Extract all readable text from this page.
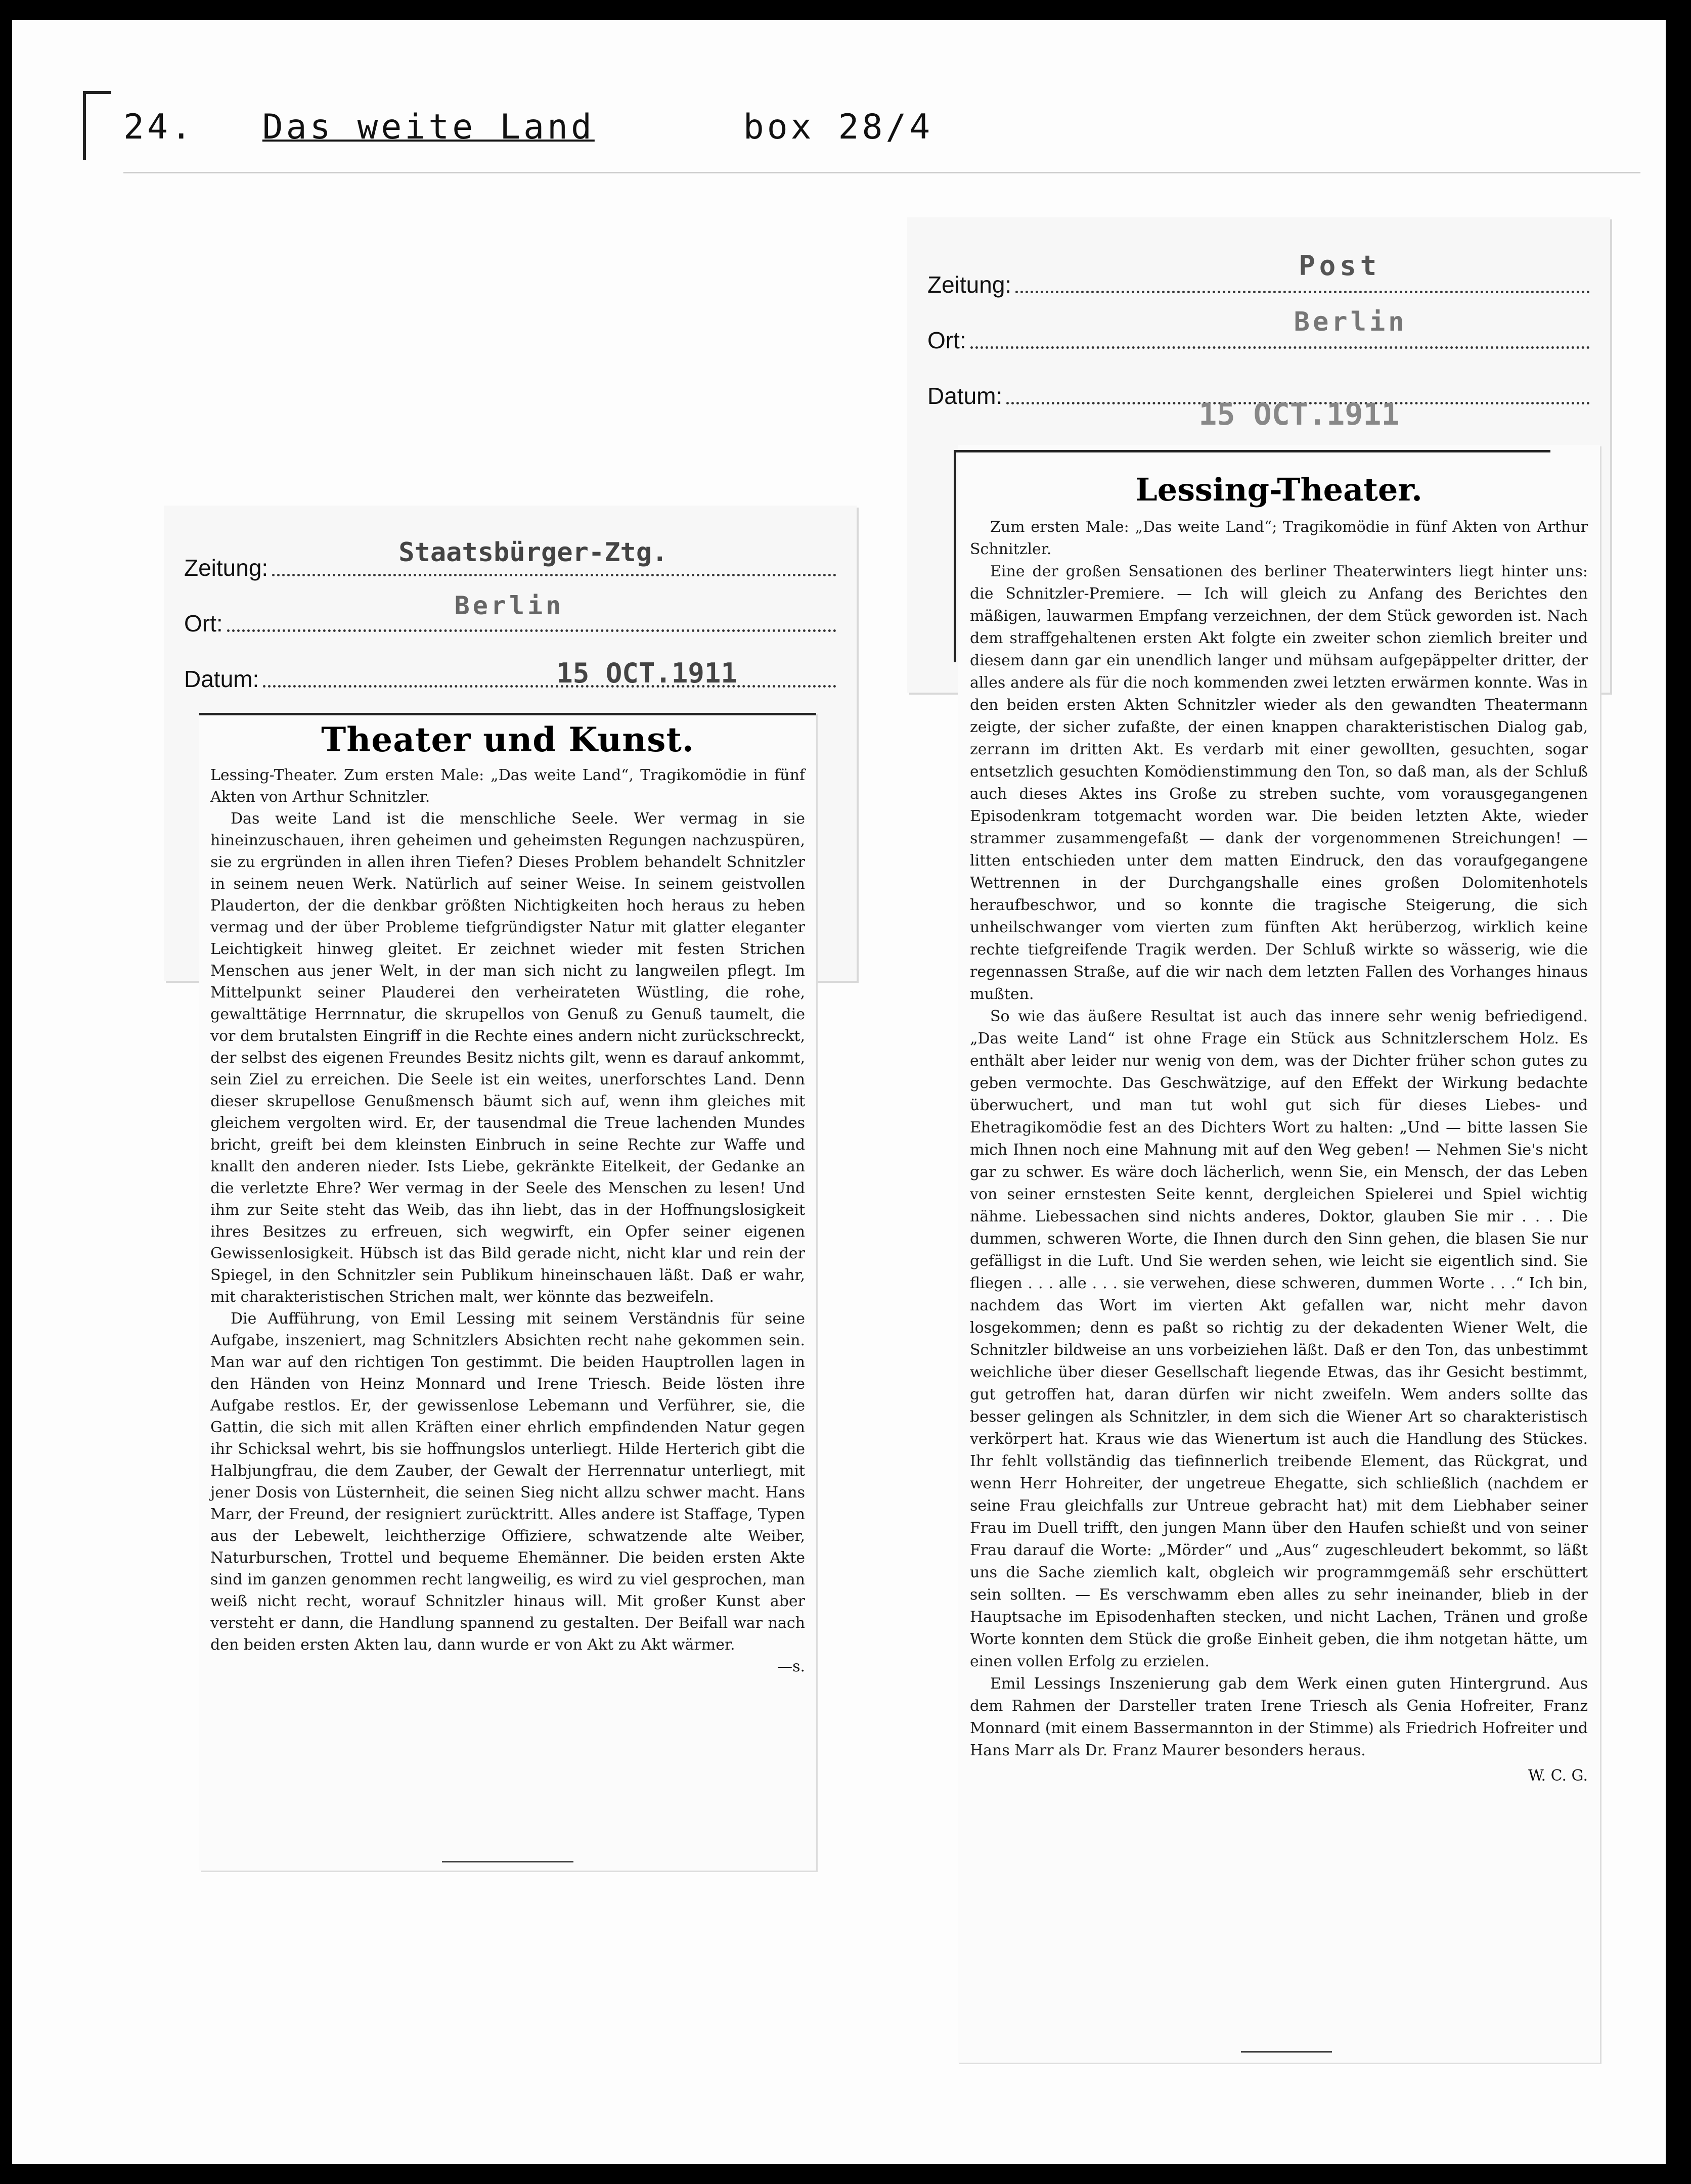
24. Das weite Land	box 28/4
Zeitung:
Post
Ort:
Berlin
Datum:
15 OCT.1911
Zeitung:	Staatsbürger-Ztg.
Ort:
Berlin
Datum:	15 OCT.1911
Theater und Kunst.

Lessing-Theater. Zum ersten Male: „Das weite Land“, Tragikomödie in fünf Akten von Arthur Schnitzler.

Das weite Land ist die menschliche Seele. Wer vermag in sie hineinzuschauen, ihren geheimen und geheimsten Regungen nachzuspüren, sie zu ergründen in allen ihren Tiefen? Dieses Problem behandelt Schnitzler in seinem neuen Werk. Natürlich auf seiner Weise. In seinem geistvollen Plauderton, der die denkbar größten Nichtigkeiten hoch heraus zu heben vermag und der über Probleme tiefgründigster Natur mit glatter eleganter Leichtigkeit hinweg gleitet. Er zeichnet wieder mit festen Strichen Menschen aus jener Welt, in der man sich nicht zu langweilen pflegt. Im Mittelpunkt seiner Plauderei den verheirateten Wüstling, die rohe, gewalttätige Herrnnatur, die skrupellos von Genuß zu Genuß taumelt, die vor dem brutalsten Eingriff in die Rechte eines andern nicht zurückschreckt, der selbst des eigenen Freundes Besitz nichts gilt, wenn es darauf ankommt, sein Ziel zu erreichen. Die Seele ist ein weites, unerforschtes Land. Denn dieser skrupellose Genußmensch bäumt sich auf, wenn ihm gleiches mit gleichem vergolten wird. Er, der tausendmal die Treue lachenden Mundes bricht, greift bei dem kleinsten Einbruch in seine Rechte zur Waffe und knallt den anderen nieder. Ists Liebe, gekränkte Eitelkeit, der Gedanke an die verletzte Ehre? Wer vermag in der Seele des Menschen zu lesen! Und ihm zur Seite steht das Weib, das ihn liebt, das in der Hoffnungslosigkeit ihres Besitzes zu erfreuen, sich wegwirft, ein Opfer seiner eigenen Gewissenlosigkeit. Hübsch ist das Bild gerade nicht, nicht klar und rein der Spiegel, in den Schnitzler sein Publikum hineinschauen läßt. Daß er wahr, mit charakteristischen Strichen malt, wer könnte das bezweifeln.

Die Aufführung, von Emil Lessing mit seinem Verständnis für seine Aufgabe, inszeniert, mag Schnitzlers Absichten recht nahe gekommen sein. Man war auf den richtigen Ton gestimmt. Die beiden Hauptrollen lagen in den Händen von Heinz Monnard und Irene Triesch. Beide lösten ihre Aufgabe restlos. Er, der gewissenlose Lebemann und Verführer, sie, die Gattin, die sich mit allen Kräften einer ehrlich empfindenden Natur gegen ihr Schicksal wehrt, bis sie hoffnungslos unterliegt. Hilde Herterich gibt die Halbjungfrau, die dem Zauber, der Gewalt der Herrennatur unterliegt, mit jener Dosis von Lüsternheit, die seinen Sieg nicht allzu schwer macht. Hans Marr, der Freund, der resigniert zurücktritt. Alles andere ist Staffage, Typen aus der Lebewelt, leichtherzige Offiziere, schwatzende alte Weiber, Naturburschen, Trottel und bequeme Ehemänner. Die beiden ersten Akte sind im ganzen genommen recht langweilig, es wird zu viel gesprochen, man weiß nicht recht, worauf Schnitzler hinaus will. Mit großer Kunst aber versteht er dann, die Handlung spannend zu gestalten. Der Beifall war nach den beiden ersten Akten lau, dann wurde er von Akt zu Akt wärmer.

—s.
Lessing-Theater.

Zum ersten Male: „Das weite Land“; Tragikomödie in fünf Akten von Arthur Schnitzler.

Eine der großen Sensationen des berliner Theaterwinters liegt hinter uns: die Schnitzler-Premiere. — Ich will gleich zu Anfang des Berichtes den mäßigen, lauwarmen Empfang verzeichnen, der dem Stück geworden ist. Nach dem straffgehaltenen ersten Akt folgte ein zweiter schon ziemlich breiter und diesem dann gar ein unendlich langer und mühsam aufgepäppelter dritter, der alles andere als für die noch kommenden zwei letzten erwärmen konnte. Was in den beiden ersten Akten Schnitzler wieder als den gewandten Theatermann zeigte, der sicher zufaßte, der einen knappen charakteristischen Dialog gab, zerrann im dritten Akt. Es verdarb mit einer gewollten, gesuchten, sogar entsetzlich gesuchten Komödienstimmung den Ton, so daß man, als der Schluß auch dieses Aktes ins Große zu streben suchte, vom vorausgegangenen Episodenkram totgemacht worden war. Die beiden letzten Akte, wieder strammer zusammengefaßt — dank der vorgenommenen Streichungen! — litten entschieden unter dem matten Eindruck, den das voraufgegangene Wettrennen in der Durchgangshalle eines großen Dolomitenhotels heraufbeschwor, und so konnte die tragische Steigerung, die sich unheilschwanger vom vierten zum fünften Akt herüberzog, wirklich keine rechte tiefgreifende Tragik werden. Der Schluß wirkte so wässerig, wie die regennassen Straße, auf die wir nach dem letzten Fallen des Vorhanges hinaus mußten.

So wie das äußere Resultat ist auch das innere sehr wenig befriedigend. „Das weite Land“ ist ohne Frage ein Stück aus Schnitzlerschem Holz. Es enthält aber leider nur wenig von dem, was der Dichter früher schon gutes zu geben vermochte. Das Geschwätzige, auf den Effekt der Wirkung bedachte überwuchert, und man tut wohl gut sich für dieses Liebes- und Ehetragikomödie fest an des Dichters Wort zu halten: „Und — bitte lassen Sie mich Ihnen noch eine Mahnung mit auf den Weg geben! — Nehmen Sie's nicht gar zu schwer. Es wäre doch lächerlich, wenn Sie, ein Mensch, der das Leben von seiner ernstesten Seite kennt, dergleichen Spielerei und Spiel wichtig nähme. Liebessachen sind nichts anderes, Doktor, glauben Sie mir . . . Die dummen, schweren Worte, die Ihnen durch den Sinn gehen, die blasen Sie nur gefälligst in die Luft. Und Sie werden sehen, wie leicht sie eigentlich sind. Sie fliegen . . . alle . . . sie verwehen, diese schweren, dummen Worte . . .“ Ich bin, nachdem das Wort im vierten Akt gefallen war, nicht mehr davon losgekommen; denn es paßt so richtig zu der dekadenten Wiener Welt, die Schnitzler bildweise an uns vorbeiziehen läßt. Daß er den Ton, das unbestimmt weichliche über dieser Gesellschaft liegende Etwas, das ihr Gesicht bestimmt, gut getroffen hat, daran dürfen wir nicht zweifeln. Wem anders sollte das besser gelingen als Schnitzler, in dem sich die Wiener Art so charakteristisch verkörpert hat. Kraus wie das Wienertum ist auch die Handlung des Stückes. Ihr fehlt vollständig das tiefinnerlich treibende Element, das Rückgrat, und wenn Herr Hohreiter, der ungetreue Ehegatte, sich schließlich (nachdem er seine Frau gleichfalls zur Untreue gebracht hat) mit dem Liebhaber seiner Frau im Duell trifft, den jungen Mann über den Haufen schießt und von seiner Frau darauf die Worte: „Mörder“ und „Aus“ zugeschleudert bekommt, so läßt uns die Sache ziemlich kalt, obgleich wir programmgemäß sehr erschüttert sein sollten. — Es verschwamm eben alles zu sehr ineinander, blieb in der Hauptsache im Episodenhaften stecken, und nicht Lachen, Tränen und große Worte konnten dem Stück die große Einheit geben, die ihm notgetan hätte, um einen vollen Erfolg zu erzielen.

Emil Lessings Inszenierung gab dem Werk einen guten Hintergrund. Aus dem Rahmen der Darsteller traten Irene Triesch als Genia Hofreiter, Franz Monnard (mit einem Bassermannton in der Stimme) als Friedrich Hofreiter und Hans Marr als Dr. Franz Maurer besonders heraus.

W. C. G.
